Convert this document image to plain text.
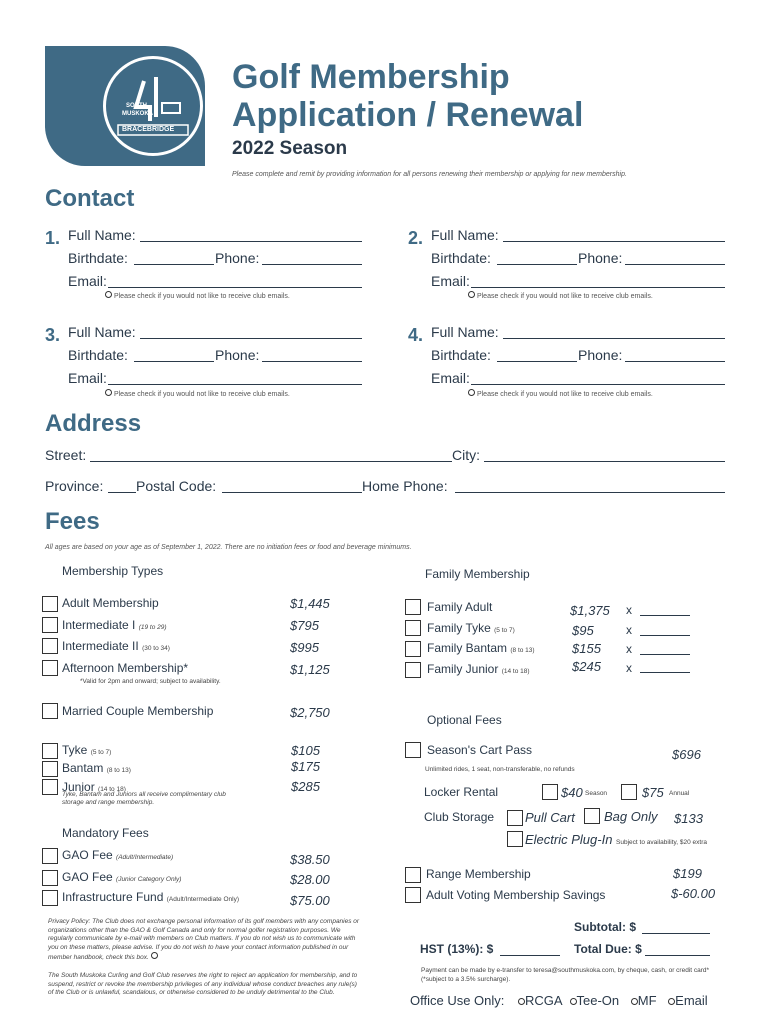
SOUTH
MUSKOKA
BRACEBRIDGE
Golf Membership
Application / Renewal
2022 Season
Please complete and remit by providing information for all persons renewing their membership or applying for new membership.
Contact
1. Full Name:
Birthdate:	Phone:
Email:
Please check if you would not like to receive club emails.
2. Full Name:
Birthdate:	Phone:
Email:
Please check if you would not like to receive club emails.
3. Full Name:
Birthdate:	Phone:
Email:
Please check if you would not like to receive club emails.
4. Full Name:
Birthdate:	Phone:
Email:
Please check if you would not like to receive club emails.
Address
Street:	City:
Province: Postal Code:	Home Phone:
Fees
All ages are based on your age as of September 1, 2022. There are no initiation fees or food and beverage minimums.
Membership Types
Adult Membership	$1,445
Intermediate I (19 to 29)	$795
Intermediate II (30 to 34)	$995
Afternoon Membership*	$1,125
*Valid for 2pm and onward; subject to availability.
Married Couple Membership	$2,750
Tyke (5 to 7)	$105
Bantam (8 to 13)	$175
Junior (14 to 18)	$285
Tyke, Bantam and Juniors all receive complimentary club
storage and range membership.
Mandatory Fees
GAO Fee (Adult/Intermediate)	$38.50
GAO Fee (Junior Category Only)	$28.00
Infrastructure Fund (Adult/Intermediate Only)	$75.00
Privacy Policy: The Club does not exchange personal information of its golf members with any companies or organizations other than the GAO & Golf Canada and only for normal golfer registration purposes. We regularly communicate by e-mail with members on Club matters. If you do not wish us to communicate with you on these matters, please advise. If you do not wish to have your contact information published in our member handbook, check this box.
The South Muskoka Curling and Golf Club reserves the right to reject an application for membership, and to suspend, restrict or revoke the membership privileges of any individual whose conduct breaches any rule(s) of the Club or is unlawful, scandalous, or otherwise considered to be unduly detrimental to the Club.
Family Membership
Family Adult	$1,375 x
Family Tyke (5 to 7)	$95	x
Family Bantam (8 to 13)	$155 x
Family Junior (14 to 18)	$245 x
Optional Fees
Season's Cart Pass	$696
Unlimited rides, 1 seat, non-transferable, no refunds
Locker Rental	$40 Season	$75 Annual
Club Storage Pull Cart Bag Only $133
Electric Plug-In Subject to availability, $20 extra
Range Membership	$199
Adult Voting Membership Savings	$-60.00
Subtotal: $
HST (13%): $	Total Due: $
Payment can be made by e-transfer to teresa@southmuskoka.com, by cheque, cash, or credit card* (*subject to a 3.5% surcharge).
Office Use Only: RCGA Tee-On MF Email
